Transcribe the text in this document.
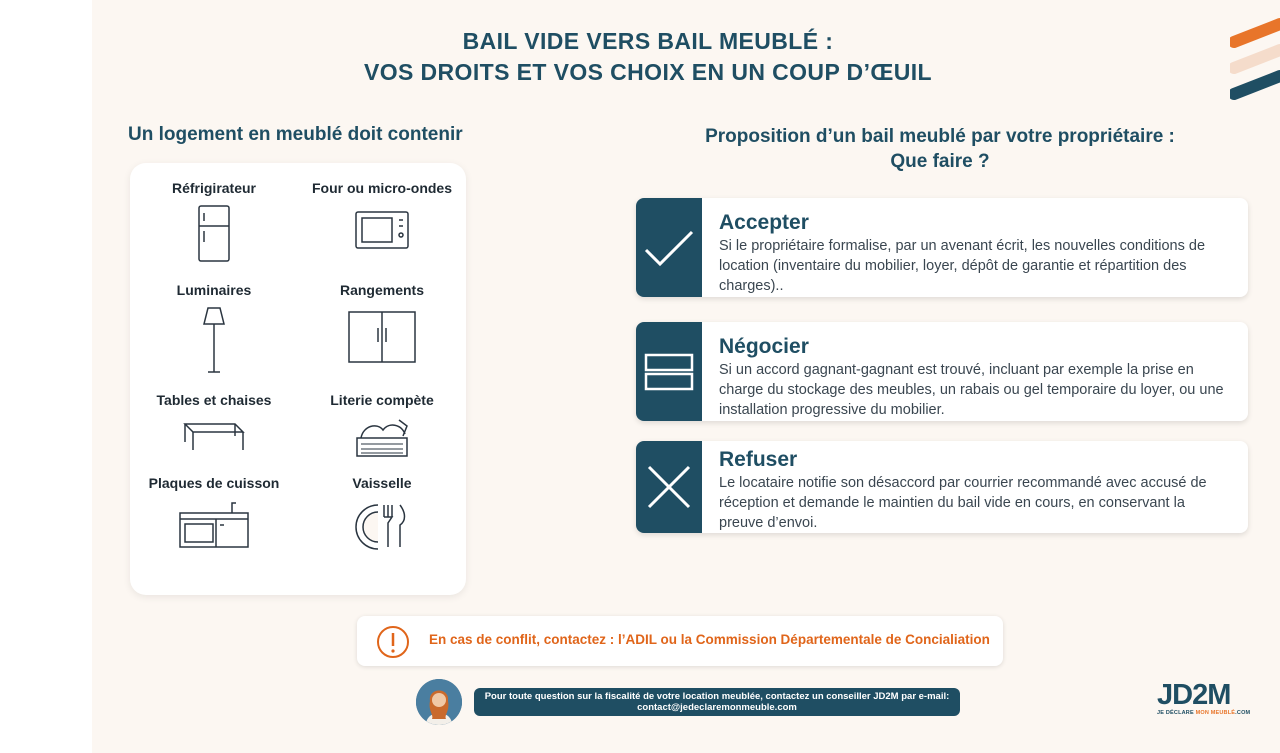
BAIL VIDE VERS BAIL MEUBLÉ :
VOS DROITS ET VOS CHOIX EN UN COUP D’ŒUIL
Un logement en meublé doit contenir	Proposition d’un bail meublé par votre propriétaire :
Que faire ?
Réfrigirateur	Four ou micro-ondes
Luminaires	Rangements
Tables et chaises	Literie compète
Plaques de cuisson	Vaisselle
Accepter
Si le propriétaire formalise, par un avenant écrit, les nouvelles conditions de location (inventaire du mobilier, loyer, dépôt de garantie et répartition des charges)..
Négocier
Si un accord gagnant-gagnant est trouvé, incluant par exemple la prise en charge du stockage des meubles, un rabais ou gel temporaire du loyer, ou une installation progressive du mobilier.
Refuser
Le locataire notifie son désaccord par courrier recommandé avec accusé de réception et demande le maintien du bail vide en cours, en conservant la preuve d’envoi.
En cas de conflit, contactez : l’ADIL ou la Commission Départementale de Concialiation
Pour toute question sur la fiscalité de votre location meublée, contactez un conseiller JD2M par e-mail:
contact@jedeclaremonmeuble.com	JD2M
JE DÉCLARE MON MEUBLÉ.COM
